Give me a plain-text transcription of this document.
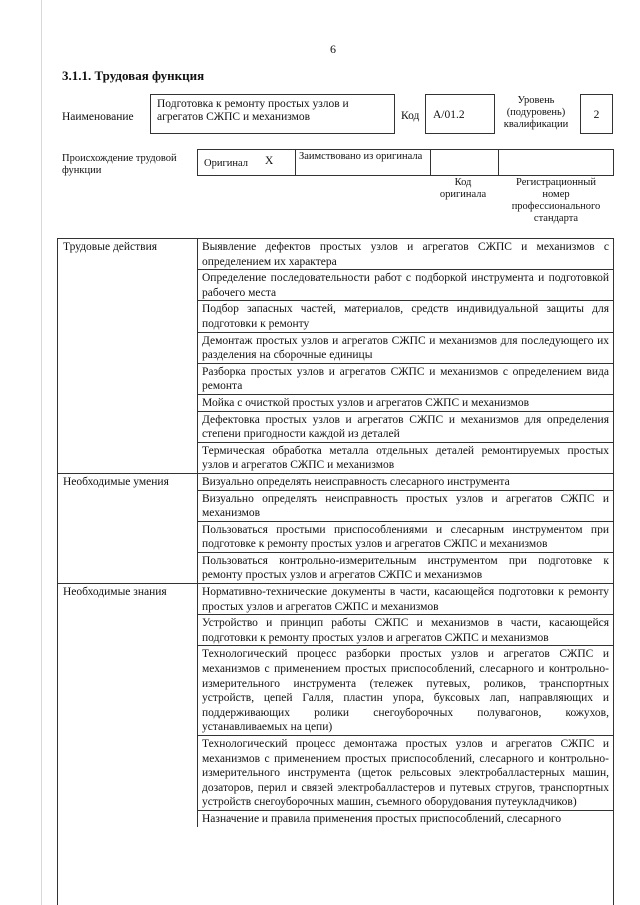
6
3.1.1. Трудовая функция
Наименование
Подготовка к ремонту простых узлов и агрегатов СЖПС и механизмов	Код	А/01.2
Уровень (подуровень) квалификации
2
Происхождение трудовой функции
Оригинал X Заимствовано из оригинала
Код оригинала
Регистрационный номер профессионального стандарта
Трудовые действия	Выявление дефектов простых узлов и агрегатов СЖПС и механизмов с определением их характера
Определение последовательности работ с подборкой инструмента и подготовкой рабочего места
Подбор запасных частей, материалов, средств индивидуальной защиты для подготовки к ремонту
Демонтаж простых узлов и агрегатов СЖПС и механизмов для последующего их разделения на сборочные единицы
Разборка простых узлов и агрегатов СЖПС и механизмов с определением вида ремонта
Мойка с очисткой простых узлов и агрегатов СЖПС и механизмов
Дефектовка простых узлов и агрегатов СЖПС и механизмов для определения степени пригодности каждой из деталей
Термическая обработка металла отдельных деталей ремонтируемых простых узлов и агрегатов СЖПС и механизмов
Необходимые умения	Визуально определять неисправность слесарного инструмента
Визуально определять неисправность простых узлов и агрегатов СЖПС и механизмов
Пользоваться простыми приспособлениями и слесарным инструментом при подготовке к ремонту простых узлов и агрегатов СЖПС и механизмов
Пользоваться контрольно-измерительным инструментом при подготовке к ремонту простых узлов и агрегатов СЖПС и механизмов
Необходимые знания	Нормативно-технические документы в части, касающейся подготовки к ремонту простых узлов и агрегатов СЖПС и механизмов
Устройство и принцип работы СЖПС и механизмов в части, касающейся подготовки к ремонту простых узлов и агрегатов СЖПС и механизмов
Технологический процесс разборки простых узлов и агрегатов СЖПС и механизмов с применением простых приспособлений, слесарного и контрольно-измерительного инструмента (тележек путевых, роликов, транспортных устройств, цепей Галля, пластин упора, буксовых лап, направляющих и поддерживающих ролики снегоуборочных полувагонов, кожухов, устанавливаемых на цепи)
Технологический процесс демонтажа простых узлов и агрегатов СЖПС и механизмов с применением простых приспособлений, слесарного и контрольно-измерительного инструмента (щеток рельсовых электробалластерных машин, дозаторов, перил и связей электробалластеров и путевых стругов, транспортных устройств снегоуборочных машин, съемного оборудования путеукладчиков)
Назначение и правила применения простых приспособлений, слесарного
